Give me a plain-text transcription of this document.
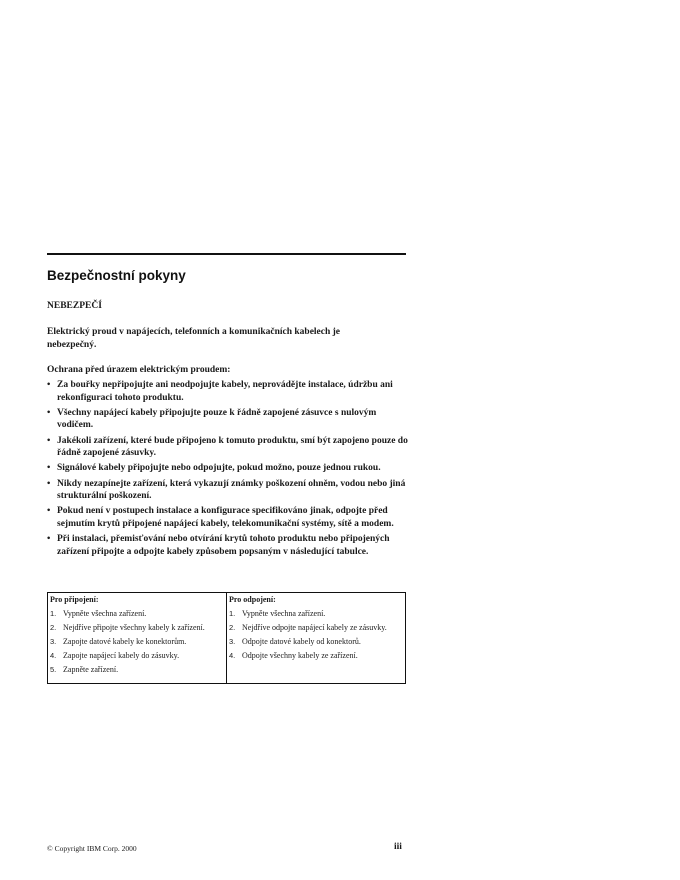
Bezpečnostní pokyny
NEBEZPEČÍ
Elektrický proud v napájecích, telefonních a komunikačních kabelech je nebezpečný.
Ochrana před úrazem elektrickým proudem:
• Za bouřky nepřipojujte ani neodpojujte kabely, neprovádějte instalace, údržbu ani rekonfiguraci tohoto produktu.
• Všechny napájecí kabely připojujte pouze k řádně zapojené zásuvce s nulovým vodičem.
• Jakékoli zařízení, které bude připojeno k tomuto produktu, smí být zapojeno pouze do řádně zapojené zásuvky.
• Signálové kabely připojujte nebo odpojujte, pokud možno, pouze jednou rukou.
• Nikdy nezapínejte zařízení, která vykazují známky poškození ohněm, vodou nebo jiná strukturální poškození.
• Pokud není v postupech instalace a konfigurace specifikováno jinak, odpojte před sejmutím krytů připojené napájecí kabely, telekomunikační systémy, sítě a modem.
• Při instalaci, přemisťování nebo otvírání krytů tohoto produktu nebo připojených zařízení připojte a odpojte kabely způsobem popsaným v následující tabulce.
Pro připojení:
1. Vypněte všechna zařízení.
2. Nejdříve připojte všechny kabely k zařízení.
3. Zapojte datové kabely ke konektorům.
4. Zapojte napájecí kabely do zásuvky.
5. Zapněte zařízení.

Pro odpojení:
1. Vypněte všechna zařízení.
2. Nejdříve odpojte napájecí kabely ze zásuvky.
3. Odpojte datové kabely od konektorů.
4. Odpojte všechny kabely ze zařízení.
© Copyright IBM Corp. 2000	iii
